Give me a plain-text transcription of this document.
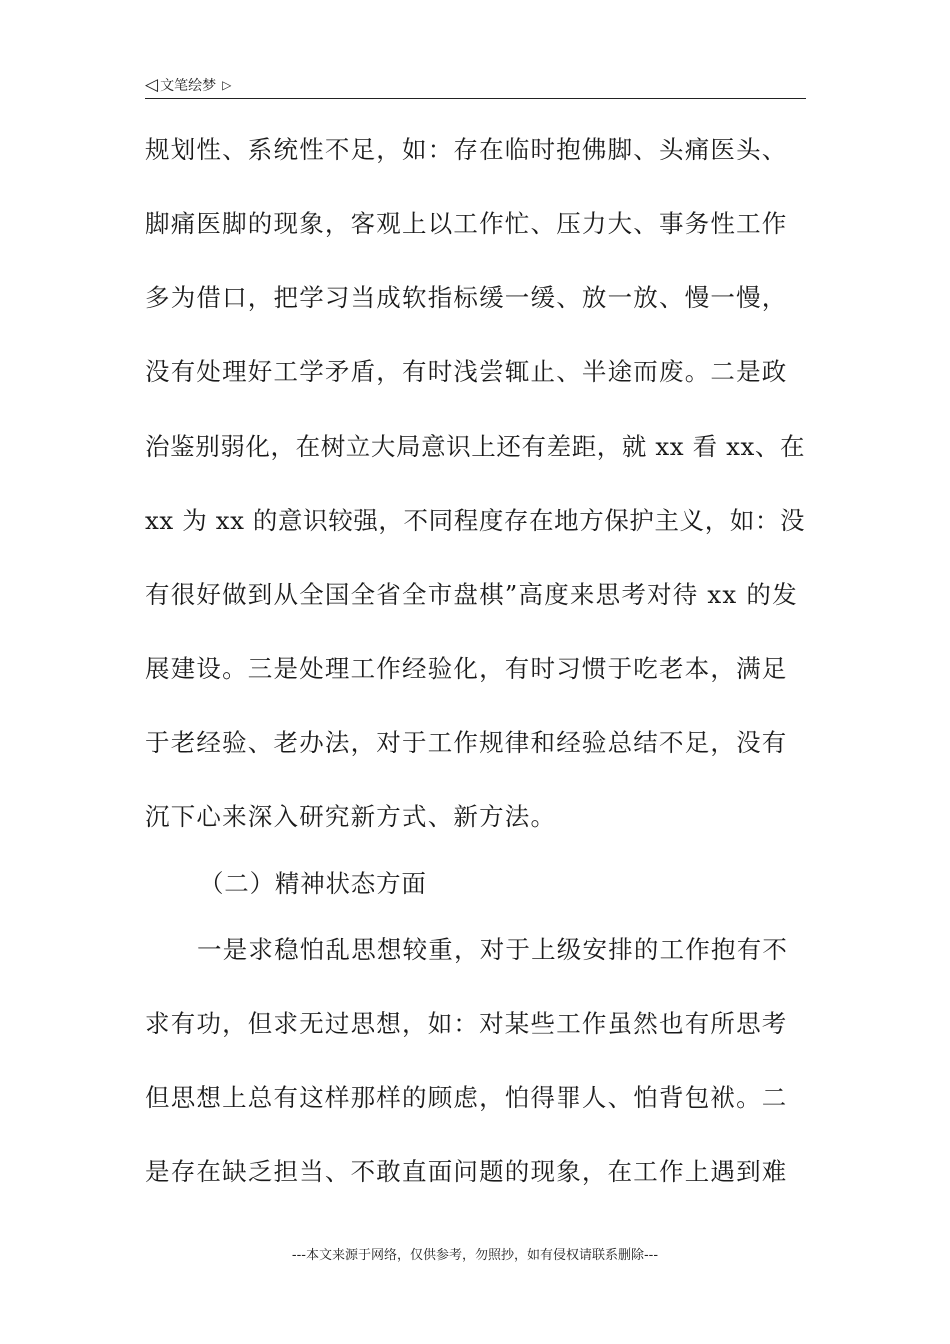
◁ 文笔绘梦 ▷
规划性、系统性不足，如：存在临时抱佛脚、头痛医头、
脚痛医脚的现象，客观上以工作忙、压力大、事务性工作
多为借口，把学习当成软指标缓一缓、放一放、慢一慢，
没有处理好工学矛盾，有时浅尝辄止、半途而废。二是政
治鉴别弱化，在树立大局意识上还有差距，就 xx 看 xx、在
xx 为 xx 的意识较强，不同程度存在地方保护主义，如：没
有很好做到从全国全省全市盘棋”高度来思考对待 xx 的发
展建设。三是处理工作经验化，有时习惯于吃老本，满足
于老经验、老办法，对于工作规律和经验总结不足，没有
沉下心来深入研究新方式、新方法。
（二）精神状态方面
一是求稳怕乱思想较重，对于上级安排的工作抱有不
求有功，但求无过思想，如：对某些工作虽然也有所思考
但思想上总有这样那样的顾虑，怕得罪人、怕背包袱。二
是存在缺乏担当、不敢直面问题的现象，在工作上遇到难
---本文来源于网络，仅供参考，勿照抄，如有侵权请联系删除---
